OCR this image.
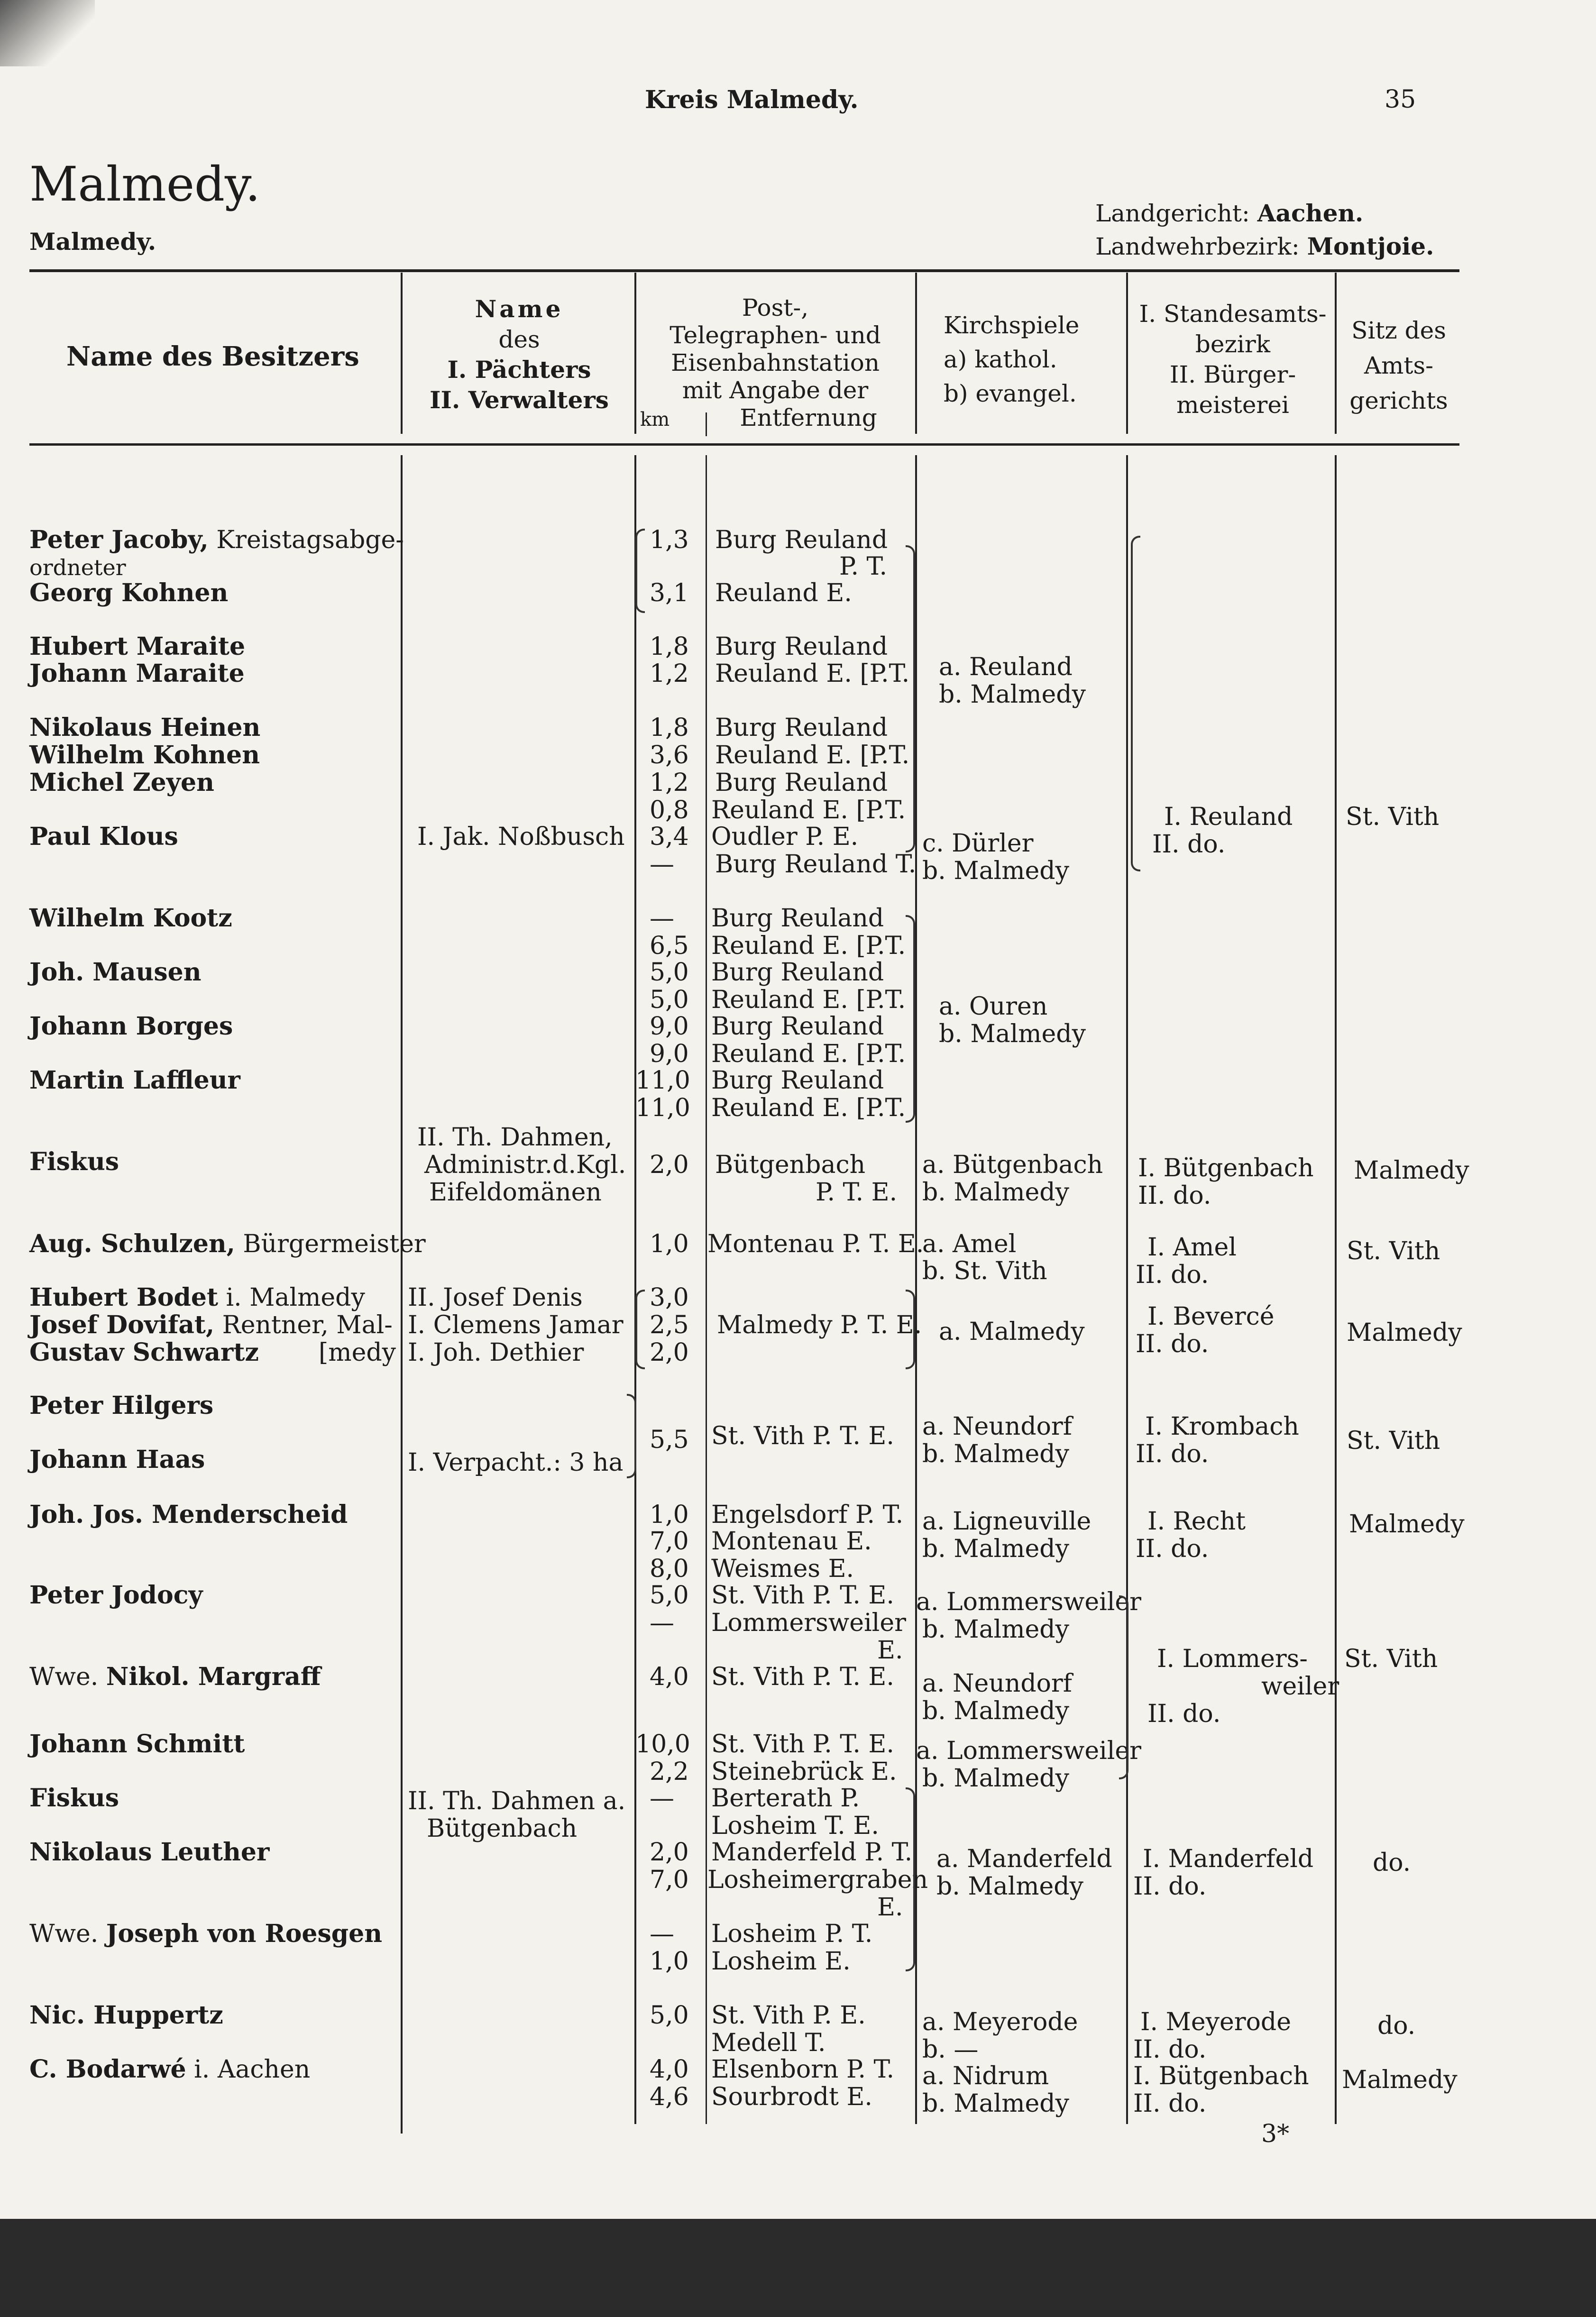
Kreis Malmedy.	35
Malmedy.
Malmedy.
Landgericht: Aachen.
Landwehrbezirk: Montjoie.
Name des Besitzers
Name
des
I. Pächters
II. Verwalters
Post-,
Telegraphen- und
Eisenbahnstation
mit Angabe der
Entfernung
km
Kirchspiele
a) kathol.
b) evangel.
I. Standesamts-
bezirk
II. Bürger-
meisterei
Sitz des
Amts-
gerichts
Peter Jacoby, Kreistagsabge-
ordneter
Georg Kohnen
Hubert Maraite
Johann Maraite
Nikolaus Heinen
Wilhelm Kohnen
Michel Zeyen
Paul Klous
Wilhelm Kootz
Joh. Mausen
Johann Borges
Martin Laffleur
Fiskus
Aug. Schulzen, Bürgermeister
Hubert Bodet i. Malmedy
Josef Dovifat, Rentner, Mal-
Gustav Schwartz [medy
Peter Hilgers
Johann Haas
Joh. Jos. Menderscheid
Peter Jodocy
Wwe. Nikol. Margraff
Johann Schmitt
Fiskus
Nikolaus Leuther
Wwe. Joseph von Roesgen
Nic. Huppertz
C. Bodarwé i. Aachen
I. Jak. Noßbusch
II. Th. Dahmen,
Administr.d.Kgl.
Eifeldomänen
II. Josef Denis
I. Clemens Jamar
I. Joh. Dethier
I. Verpacht.: 3 ha
II. Th. Dahmen a.
Bütgenbach
1,3
3,1
1,8
1,2
1,8
3,6
1,2
0,8
3,4
—
—
6,5
5,0
5,0
9,0
9,0
11,0
11,0
2,0
1,0
3,0
2,5
2,0
5,5
1,0
7,0
8,0
5,0
—
4,0
10,0
2,2
—
2,0
7,0
—
1,0
5,0
4,0
4,6
Burg Reuland
P. T.
Reuland E.
Burg Reuland
Reuland E. [P.T.
Burg Reuland
Reuland E. [P.T.
Burg Reuland
Reuland E. [P.T.
Oudler P. E.
Burg Reuland T.
Burg Reuland
Reuland E. [P.T.
Burg Reuland
Reuland E. [P.T.
Burg Reuland
Reuland E. [P.T.
Burg Reuland
Reuland E. [P.T.
Bütgenbach
P. T. E.
Montenau P. T. E.
Malmedy P. T. E.
St. Vith P. T. E.
Engelsdorf P. T.
Montenau E.
Weismes E.
St. Vith P. T. E.
Lommersweiler
E.
St. Vith P. T. E.
St. Vith P. T. E.
Steinebrück E.
Berterath P.
Losheim T. E.
Manderfeld P. T.
Losheimergraben
E.
Losheim P. T.
Losheim E.
St. Vith P. E.
Medell T.
Elsenborn P. T.
Sourbrodt E.
a. Reuland
b. Malmedy
c. Dürler
b. Malmedy
a. Ouren
b. Malmedy
a. Bütgenbach
b. Malmedy
a. Amel
b. St. Vith
a. Malmedy
a. Neundorf
b. Malmedy
a. Ligneuville
b. Malmedy
a. Lommersweiler
b. Malmedy
a. Neundorf
b. Malmedy
a. Lommersweiler
b. Malmedy
a. Manderfeld
b. Malmedy
a. Meyerode
b. —
a. Nidrum
b. Malmedy
I. Reuland
II. do.
I. Bütgenbach
II. do.
I. Amel
II. do.
I. Bevercé
II. do.
I. Krombach
II. do.
I. Recht
II. do.
I. Lommers-
weiler
II. do.
I. Manderfeld
II. do.
I. Meyerode
II. do.
I. Bütgenbach
II. do.
St. Vith
Malmedy
St. Vith
Malmedy
St. Vith
Malmedy
St. Vith
do.
do.
Malmedy
3*
